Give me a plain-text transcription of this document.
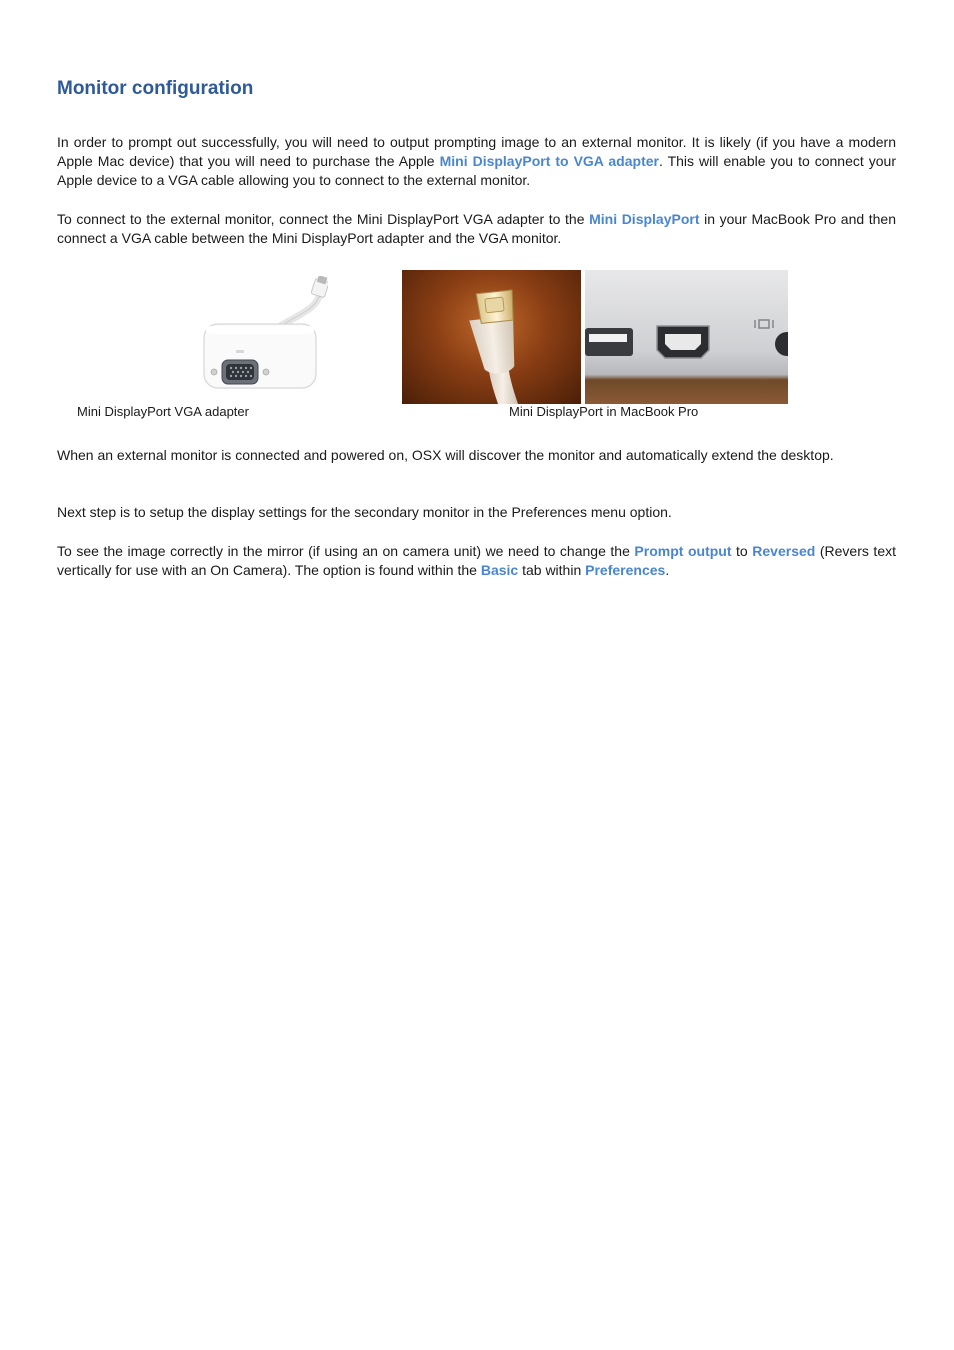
Monitor configuration

In order to prompt out successfully, you will need to output prompting image to an external monitor. It is likely (if you have a modern Apple Mac device) that you will need to purchase the Apple Mini DisplayPort to VGA adapter. This will enable you to connect your Apple device to a VGA cable allowing you to connect to the external monitor.

To connect to the external monitor, connect the Mini DisplayPort VGA adapter to the Mini DisplayPort in your MacBook Pro and then connect a VGA cable between the Mini DisplayPort adapter and the VGA monitor.

Mini DisplayPort VGA adapter	Mini DisplayPort in MacBook Pro

When an external monitor is connected and powered on, OSX will discover the monitor and automatically extend the desktop.

Next step is to setup the display settings for the secondary monitor in the Preferences menu option.

To see the image correctly in the mirror (if using an on camera unit) we need to change the Prompt output to Reversed (Revers text vertically for use with an On Camera). The option is found within the Basic tab within Preferences.
